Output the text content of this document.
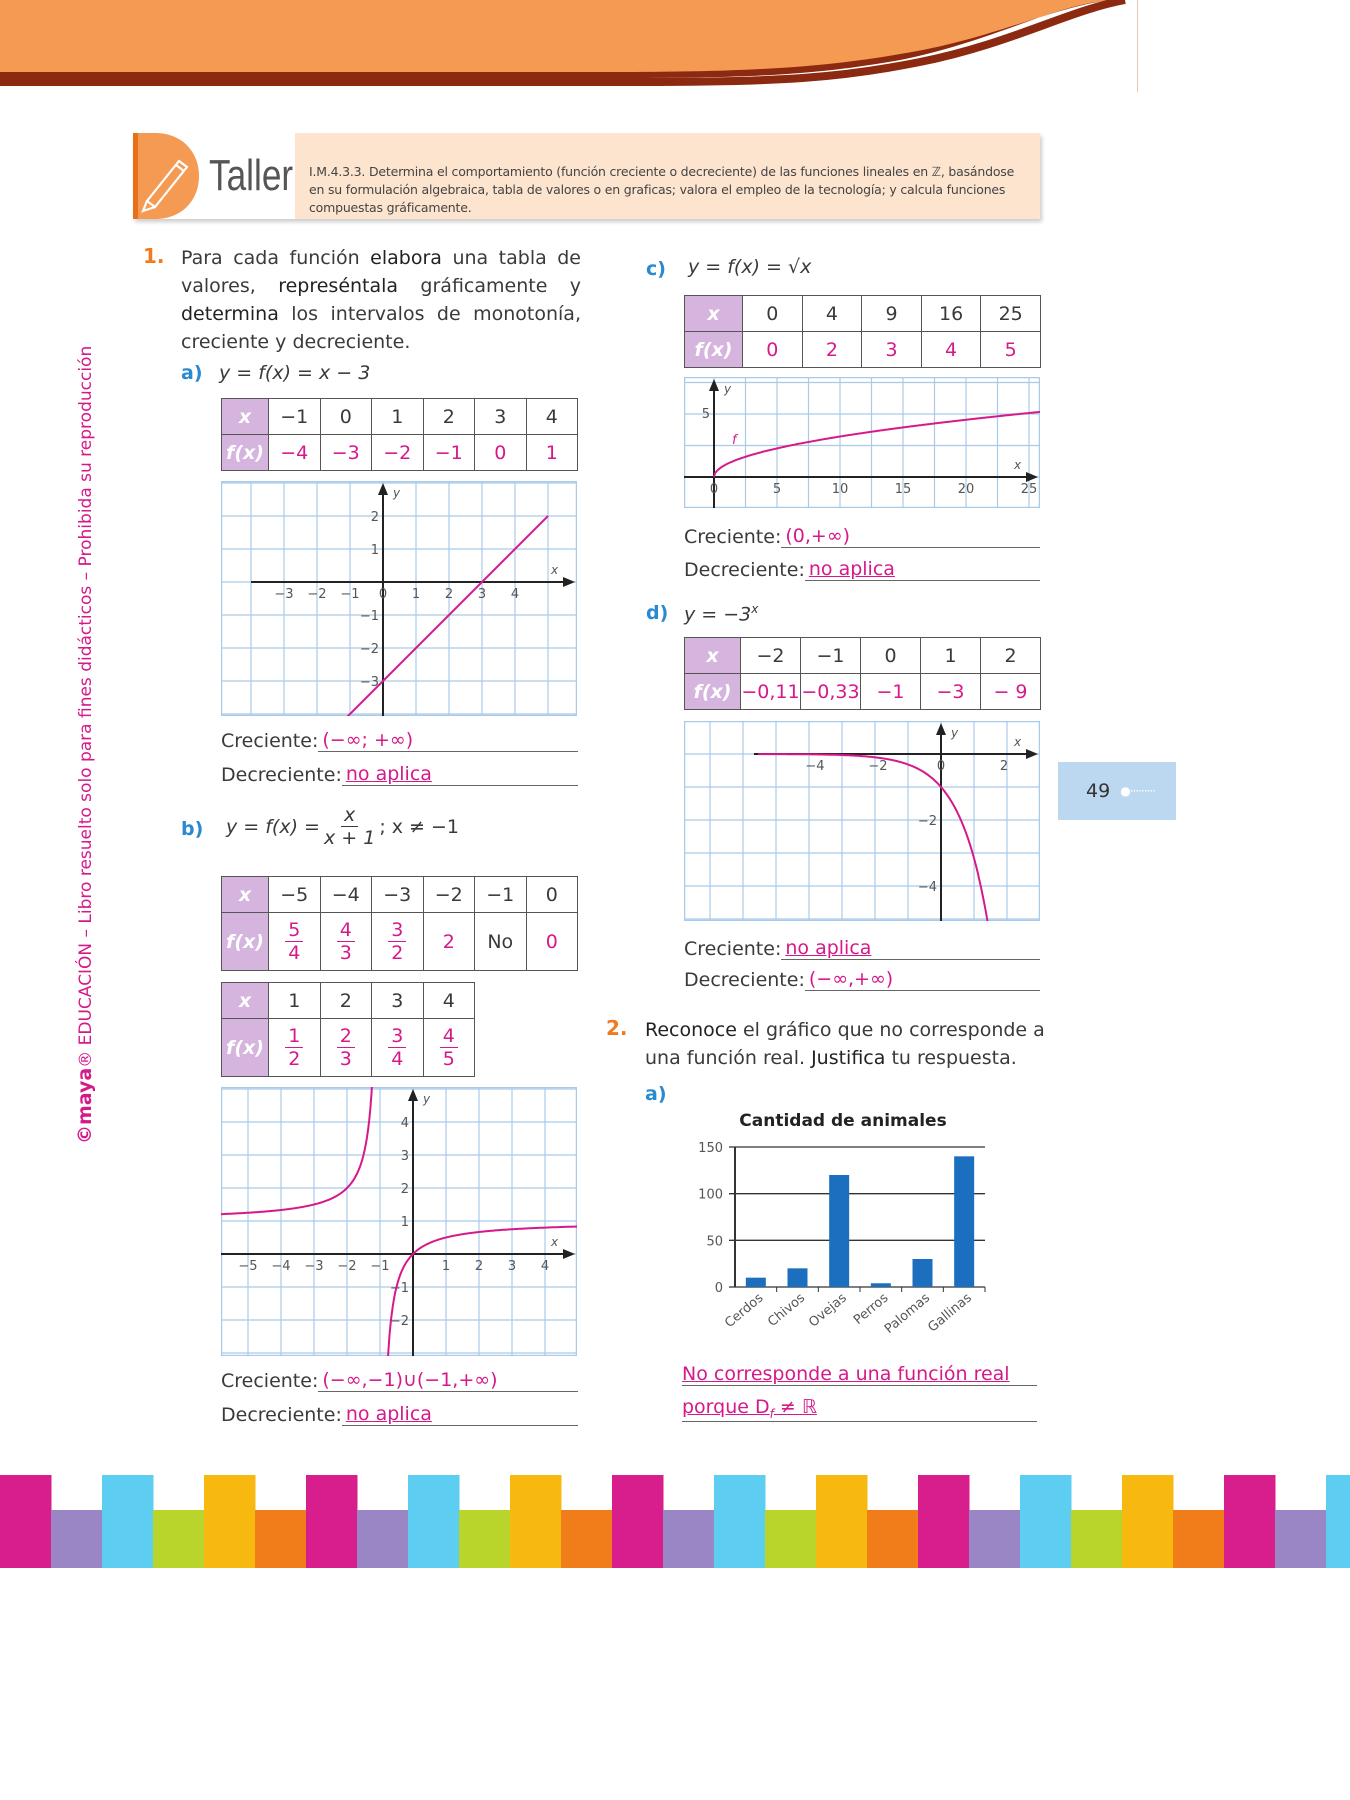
Taller	I.M.4.3.3. Determina el comportamiento (función creciente o decreciente) de las funciones lineales en ℤ, basándose en su formulación algebraica, tabla de valores o en graficas; valora el empleo de la tecnología; y calcula funciones compuestas gráficamente.
©maya® EDUCACIÓN – Libro resuelto solo para fines didácticos – Prohibida su reproducción	49 ●·········
1. Para cada función elabora una tabla de valores, represéntala gráficamente y determina los intervalos de monotonía, creciente y decreciente.
a) y = f(x) = x − 3
x	−1	0	1	2	3	4
f(x)	−4	−3	−2	−1	0	1
x
y
−3 −2 −1 0 1 2 3 4
2
1
−1
−2
−3
Creciente: (−∞; +∞)
Decreciente: no aplica
b) $y = f(x) = \frac{x}{x + 1}$ ; x ≠ −1
x	−5	−4	−3	−2	−1	0
f(x)	$\frac{5}{4}$	$\frac{4}{3}$	$\frac{3}{2}$	2	No	0
x	1	2	3	4
f(x)	$\frac{1}{2}$	$\frac{2}{3}$	$\frac{3}{4}$	$\frac{4}{5}$
x
y
−5 −4 −3 −2 −1	1 2 3 4
4
3
2
1
−1
−2
Creciente: (−∞,−1)∪(−1,+∞)
Decreciente: no aplica
c) y = f(x) = √x
x	0	4	9	16	25
f(x)	0	2	3	4	5
x
y
0	5	10	15	20	25
5
f
Creciente: (0,+∞)
Decreciente: no aplica
d) $y = -3^x$
x	−2	−1	0	1	2
f(x)	−0,11	−0,33	−1	−3	− 9
x
y
−4	−2	0	2
−2
−4
Creciente: no aplica
Decreciente: (−∞,+∞)
2. Reconoce el gráfico que no corresponde a una función real. Justifica tu respuesta.
a)
Cantidad de animales
0
50
100
150
Cerdos
Chivos
Ovejas Perros
Palomas
Gallinas
No corresponde a una función real
porque $D_f$ ≠ ℝ
